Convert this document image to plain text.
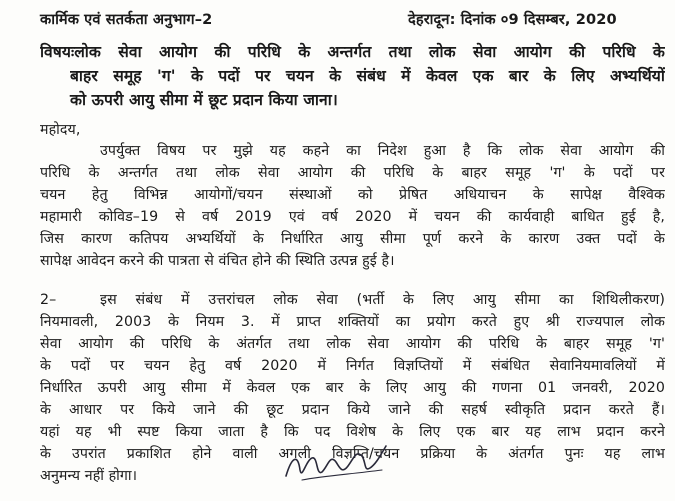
कार्मिक एवं सतर्कता अनुभाग–2	देहरादून: दिनांक ०9 दिसम्बर, 2020
विषयःलोक सेवा आयोग की परिधि के अन्तर्गत तथा लोक सेवा आयोग की परिधि के
बाहर समूह 'ग' के पदों पर चयन के संबंध में केवल एक बार के लिए अभ्यर्थियों
को ऊपरी आयु सीमा में छूट प्रदान किया जाना।
महोदय,
उपर्युक्त विषय पर मुझे यह कहने का निदेश हुआ है कि लोक सेवा आयोग की
परिधि के अन्तर्गत तथा लोक सेवा आयोग की परिधि के बाहर समूह 'ग' के पदों पर
चयन हेतु विभिन्न आयोगों/चयन संस्थाओं को प्रेषित अधियाचन के सापेक्ष वैश्विक
महामारी कोविड–19 से वर्ष 2019 एवं वर्ष 2020 में चयन की कार्यवाही बाधित हुई है,
जिस कारण कतिपय अभ्यर्थियों के निर्धारित आयु सीमा पूर्ण करने के कारण उक्त पदों के
सापेक्ष आवेदन करने की पात्रता से वंचित होने की स्थिति उत्पन्न हुई है।
2–	इस संबंध में उत्तरांचल लोक सेवा (भर्ती के लिए आयु सीमा का शिथिलीकरण)
नियमावली, 2003 के नियम 3. में प्राप्त शक्तियों का प्रयोग करते हुए श्री राज्यपाल लोक
सेवा आयोग की परिधि के अंतर्गत तथा लोक सेवा आयोग की परिधि के बाहर समूह 'ग'
के पदों पर चयन हेतु वर्ष 2020 में निर्गत विज्ञप्तियों में संबंधित सेवानियमावलियों में
निर्धारित ऊपरी आयु सीमा में केवल एक बार के लिए आयु की गणना 01 जनवरी, 2020
के आधार पर किये जाने की छूट प्रदान किये जाने की सहर्ष स्वीकृति प्रदान करते हैं।
यहां यह भी स्पष्ट किया जाता है कि पद विशेष के लिए एक बार यह लाभ प्रदान करने
के उपरांत प्रकाशित होने वाली अगली विज्ञप्ति/चयन प्रक्रिया के अंतर्गत पुनः यह लाभ
अनुमन्य नहीं होगा।
